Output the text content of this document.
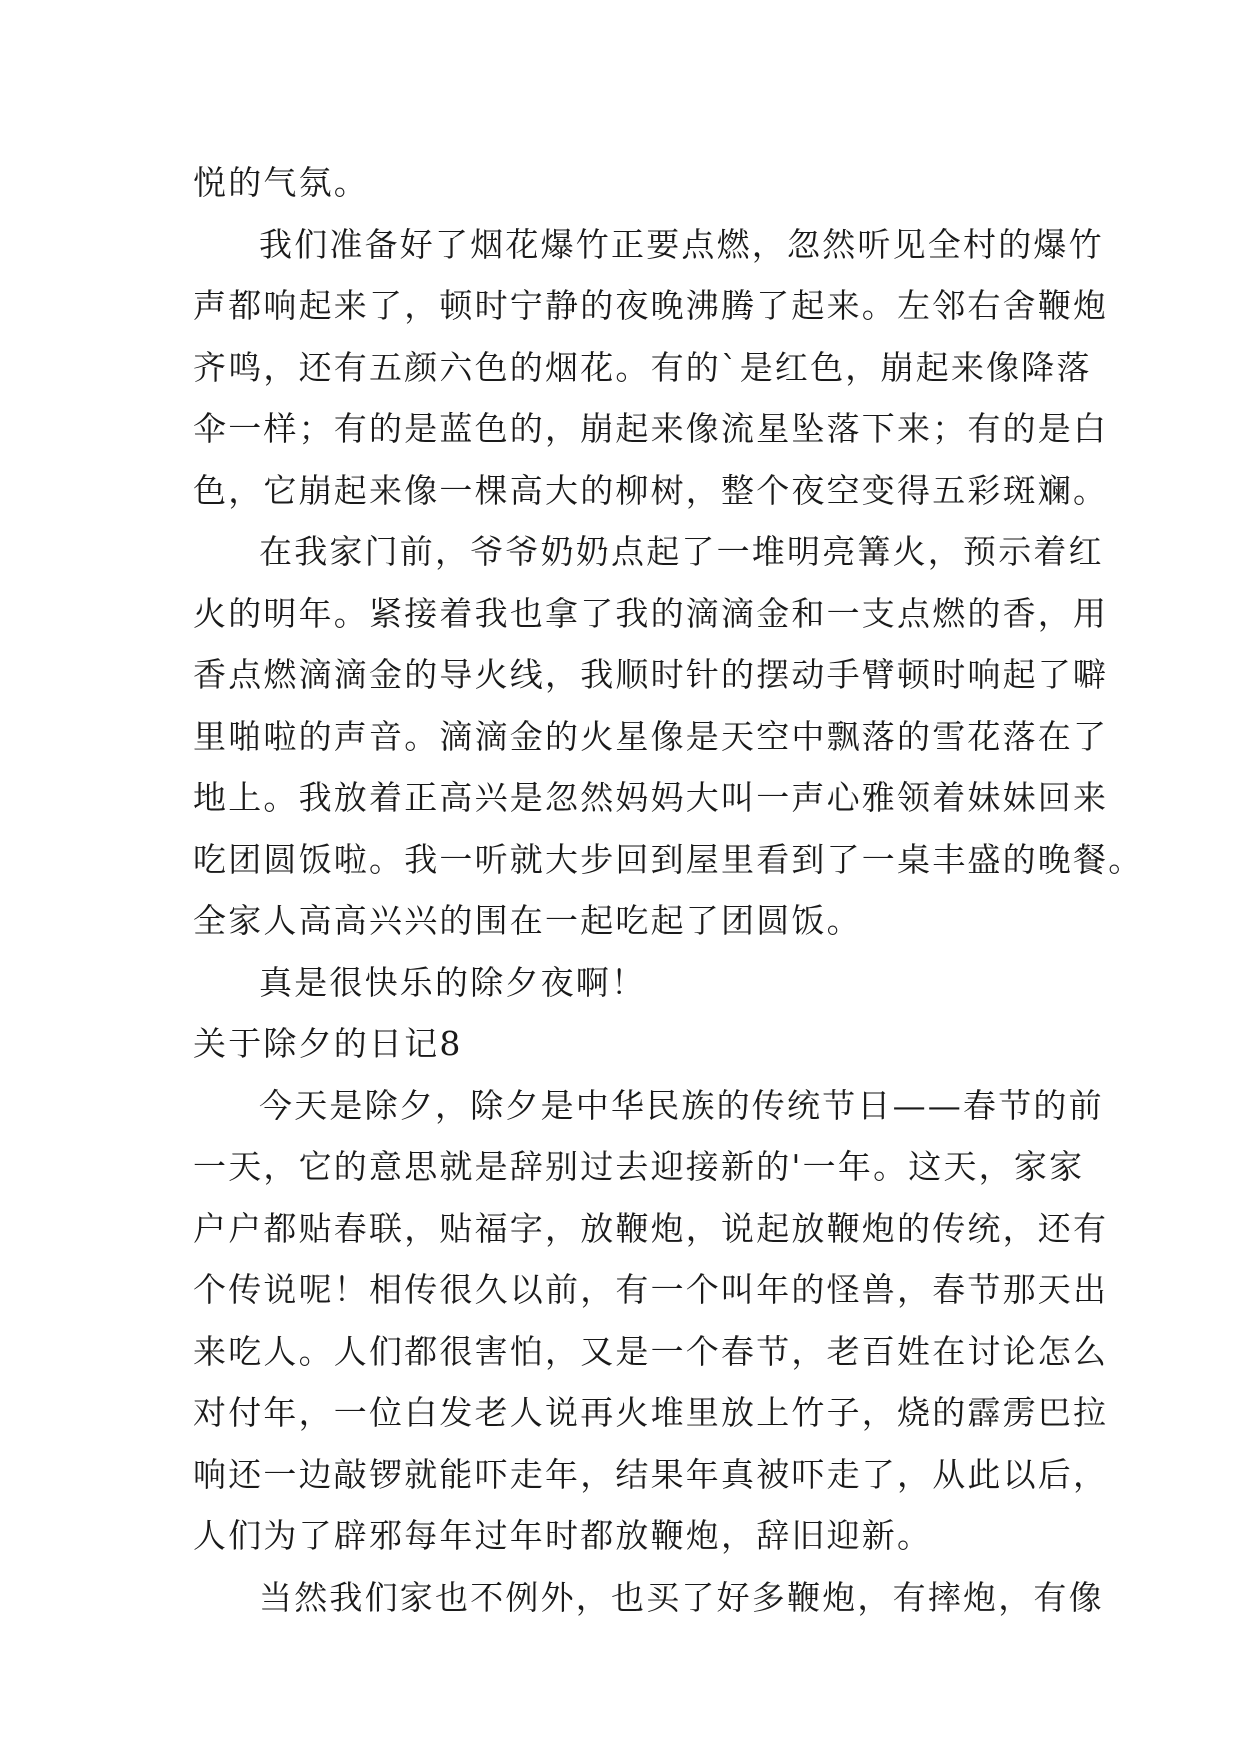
悦的气氛。
我们准备好了烟花爆竹正要点燃，忽然听见全村的爆竹
声都响起来了，顿时宁静的夜晚沸腾了起来。左邻右舍鞭炮
齐鸣，还有五颜六色的烟花。有的`是红色，崩起来像降落
伞一样；有的是蓝色的，崩起来像流星坠落下来；有的是白
色，它崩起来像一棵高大的柳树，整个夜空变得五彩斑斓。
在我家门前，爷爷奶奶点起了一堆明亮篝火，预示着红
火的明年。紧接着我也拿了我的滴滴金和一支点燃的香，用
香点燃滴滴金的导火线，我顺时针的摆动手臂顿时响起了噼
里啪啦的声音。滴滴金的火星像是天空中飘落的雪花落在了
地上。我放着正高兴是忽然妈妈大叫一声心雅领着妹妹回来
吃团圆饭啦。我一听就大步回到屋里看到了一桌丰盛的晚餐。
全家人高高兴兴的围在一起吃起了团圆饭。
真是很快乐的除夕夜啊！
关于除夕的日记8
今天是除夕，除夕是中华民族的传统节日——春节的前
一天，它的意思就是辞别过去迎接新的'一年。这天，家家
户户都贴春联，贴福字，放鞭炮，说起放鞭炮的传统，还有
个传说呢！相传很久以前，有一个叫年的怪兽，春节那天出
来吃人。人们都很害怕，又是一个春节，老百姓在讨论怎么
对付年，一位白发老人说再火堆里放上竹子，烧的霹雳巴拉
响还一边敲锣就能吓走年，结果年真被吓走了，从此以后，
人们为了辟邪每年过年时都放鞭炮，辞旧迎新。
当然我们家也不例外，也买了好多鞭炮，有摔炮，有像
